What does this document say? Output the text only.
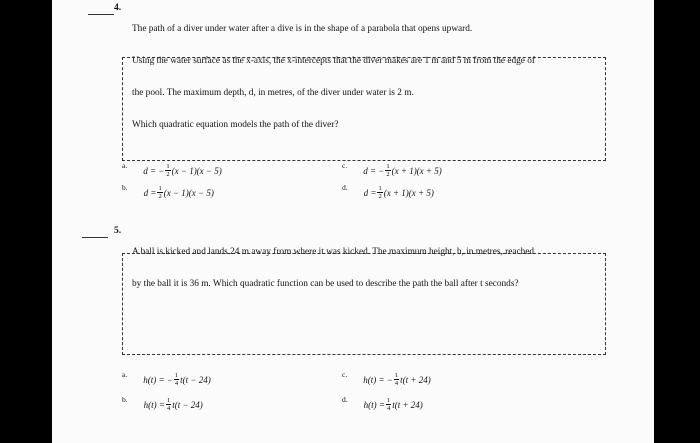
4.

The path of a diver under water after a dive is in the shape of a parabola that opens upward.

Using the water surface as the x-axis, the x-intercepts that the diver makes are 1 m and 5 m from the edge of

the pool. The maximum depth, d, in metres, of the diver under water is 2 m.

Which quadratic equation models the path of the diver?

a. d = − $\frac{1}{2} (x - 1)(x - 5)$
b. $d = \frac{1}{2} (x - 1)(x - 5)$
c. d = − $\frac{1}{2} (x + 1)(x + 5)$
d. $d = \frac{1}{2} (x + 1)(x + 5)$
5.

A ball is kicked and lands 24 m away from where it was kicked. The maximum height, h, in metres, reached

by the ball it is 36 m. Which quadratic function can be used to describe the path the ball after t seconds?

a. h(t) = − $\frac{1}{4} t(t - 24)$
b. $h(t) = \frac{1}{4} t(t - 24)$
c. h(t) = − $\frac{1}{4} t(t + 24)$
d. $h(t) = \frac{1}{4} t(t + 24)$
